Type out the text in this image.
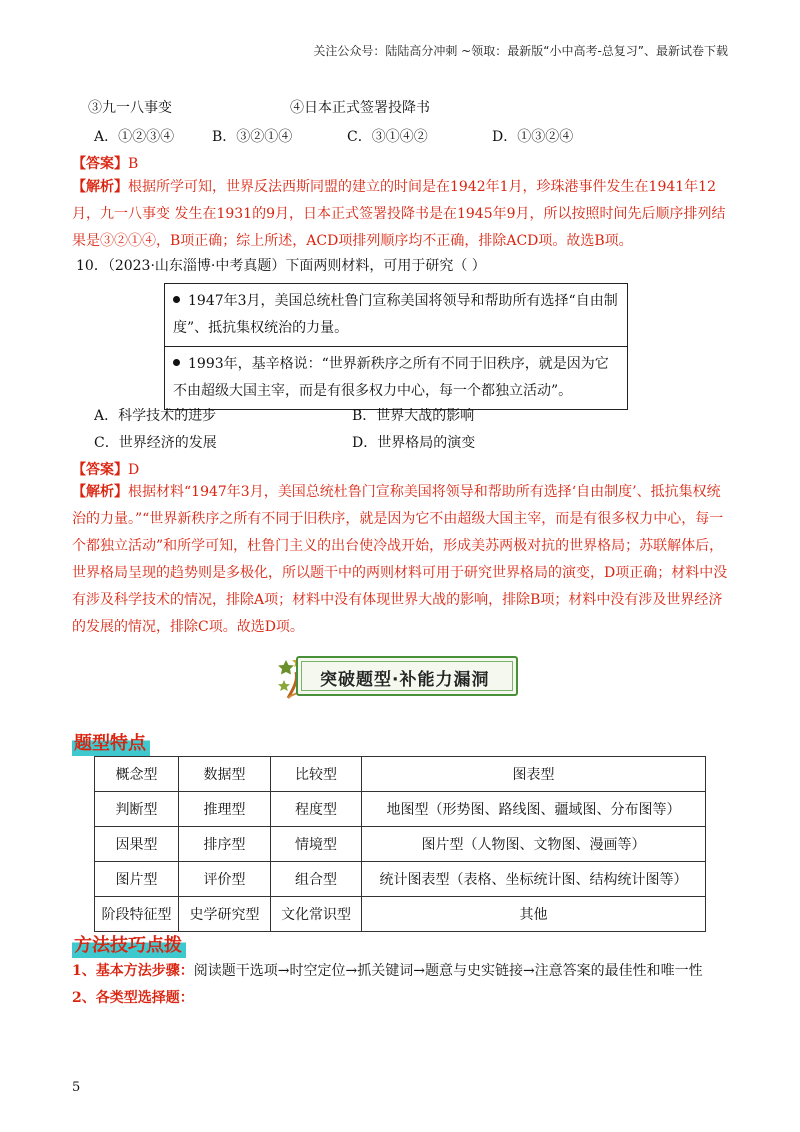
关注公众号：陆陆高分冲刺 ~领取：最新版“小中高考-总复习”、最新试卷下载
③九一八事变	④日本正式签署投降书
A．①②③④	B．③②①④	C．③①④②	D．①③②④
【答案】B
【解析】根据所学可知，世界反法西斯同盟的建立的时间是在1942年1月，珍珠港事件发生在1941年12月，九一八事变 发生在1931的9月，日本正式签署投降书是在1945年9月，所以按照时间先后顺序排列结果是③②①④，B项正确；综上所述，ACD项排列顺序均不正确，排除ACD项。故选B项。
10．（2023·山东淄博·中考真题）下面两则材料，可用于研究（ ）
1947年3月，美国总统杜鲁门宣称美国将领导和帮助所有选择“自由制度”、抵抗集权统治的力量。
1993年，基辛格说：“世界新秩序之所有不同于旧秩序，就是因为它不由超级大国主宰，而是有很多权力中心，每一个都独立活动”。
A．科学技术的进步	B．世界大战的影响
C．世界经济的发展	D．世界格局的演变
【答案】D
【解析】根据材料“1947年3月，美国总统杜鲁门宣称美国将领导和帮助所有选择‘自由制度’、抵抗集权统治的力量。”“世界新秩序之所有不同于旧秩序，就是因为它不由超级大国主宰，而是有很多权力中心，每一个都独立活动”和所学可知，杜鲁门主义的出台使冷战开始，形成美苏两极对抗的世界格局；苏联解体后，世界格局呈现的趋势则是多极化，所以题干中的两则材料可用于研究世界格局的演变，D项正确；材料中没有涉及科学技术的情况，排除A项；材料中没有体现世界大战的影响，排除B项；材料中没有涉及世界经济的发展的情况，排除C项。故选D项。
突破题型·补能力漏洞
题型特点
概念型	数据型	比较型	图表型
判断型	推理型	程度型	地图型（形势图、路线图、疆域图、分布图等）
因果型	排序型	情境型	图片型（人物图、文物图、漫画等）
图片型	评价型	组合型	统计图表型（表格、坐标统计图、结构统计图等）
阶段特征型	史学研究型	文化常识型	其他
方法技巧点拨
1、基本方法步骤：阅读题干选项→时空定位→抓关键词→题意与史实链接→注意答案的最佳性和唯一性
2、各类型选择题：
5
